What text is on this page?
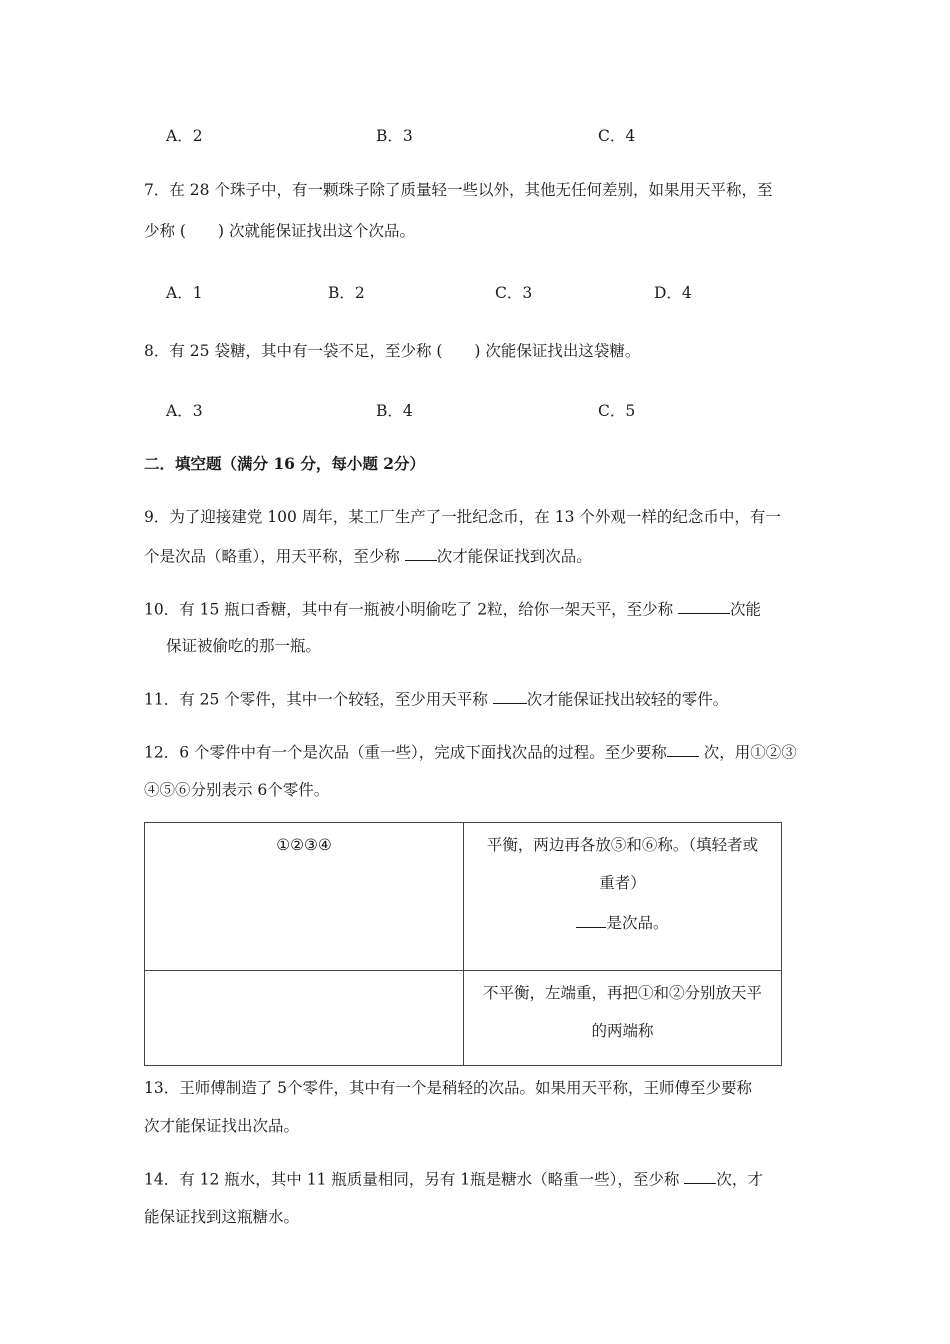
A．2	B．3	C．4
7．在 28 个珠子中，有一颗珠子除了质量轻一些以外，其他无任何差别，如果用天平称，至
少称 ( ) 次就能保证找出这个次品。
A．1	B．2	C．3	D．4
8．有 25 袋糖，其中有一袋不足，至少称 ( ) 次能保证找出这袋糖。
A．3	B．4	C．5
二．填空题（满分 16 分，每小题 2分）
9．为了迎接建党 100 周年，某工厂生产了一批纪念币，在 13 个外观一样的纪念币中，有一
个是次品（略重），用天平称，至少称 次才能保证找到次品。
10．有 15 瓶口香糖，其中有一瓶被小明偷吃了 2粒，给你一架天平，至少称	次能
保证被偷吃的那一瓶。
11．有 25 个零件，其中一个较轻，至少用天平称 次才能保证找出较轻的零件。
12．6 个零件中有一个是次品（重一些），完成下面找次品的过程。至少要称 次，用①②③
④⑤⑥分别表示 6个零件。
①②③④	平衡，两边再各放⑤和⑥称。（填轻者或
重者）
是次品。

	不平衡，左端重，再把①和②分别放天平
的两端称
13．王师傅制造了 5个零件，其中有一个是稍轻的次品。如果用天平称，王师傅至少要称
次才能保证找出次品。
14．有 12 瓶水，其中 11 瓶质量相同，另有 1瓶是糖水（略重一些），至少称 次，才
能保证找到这瓶糖水。
